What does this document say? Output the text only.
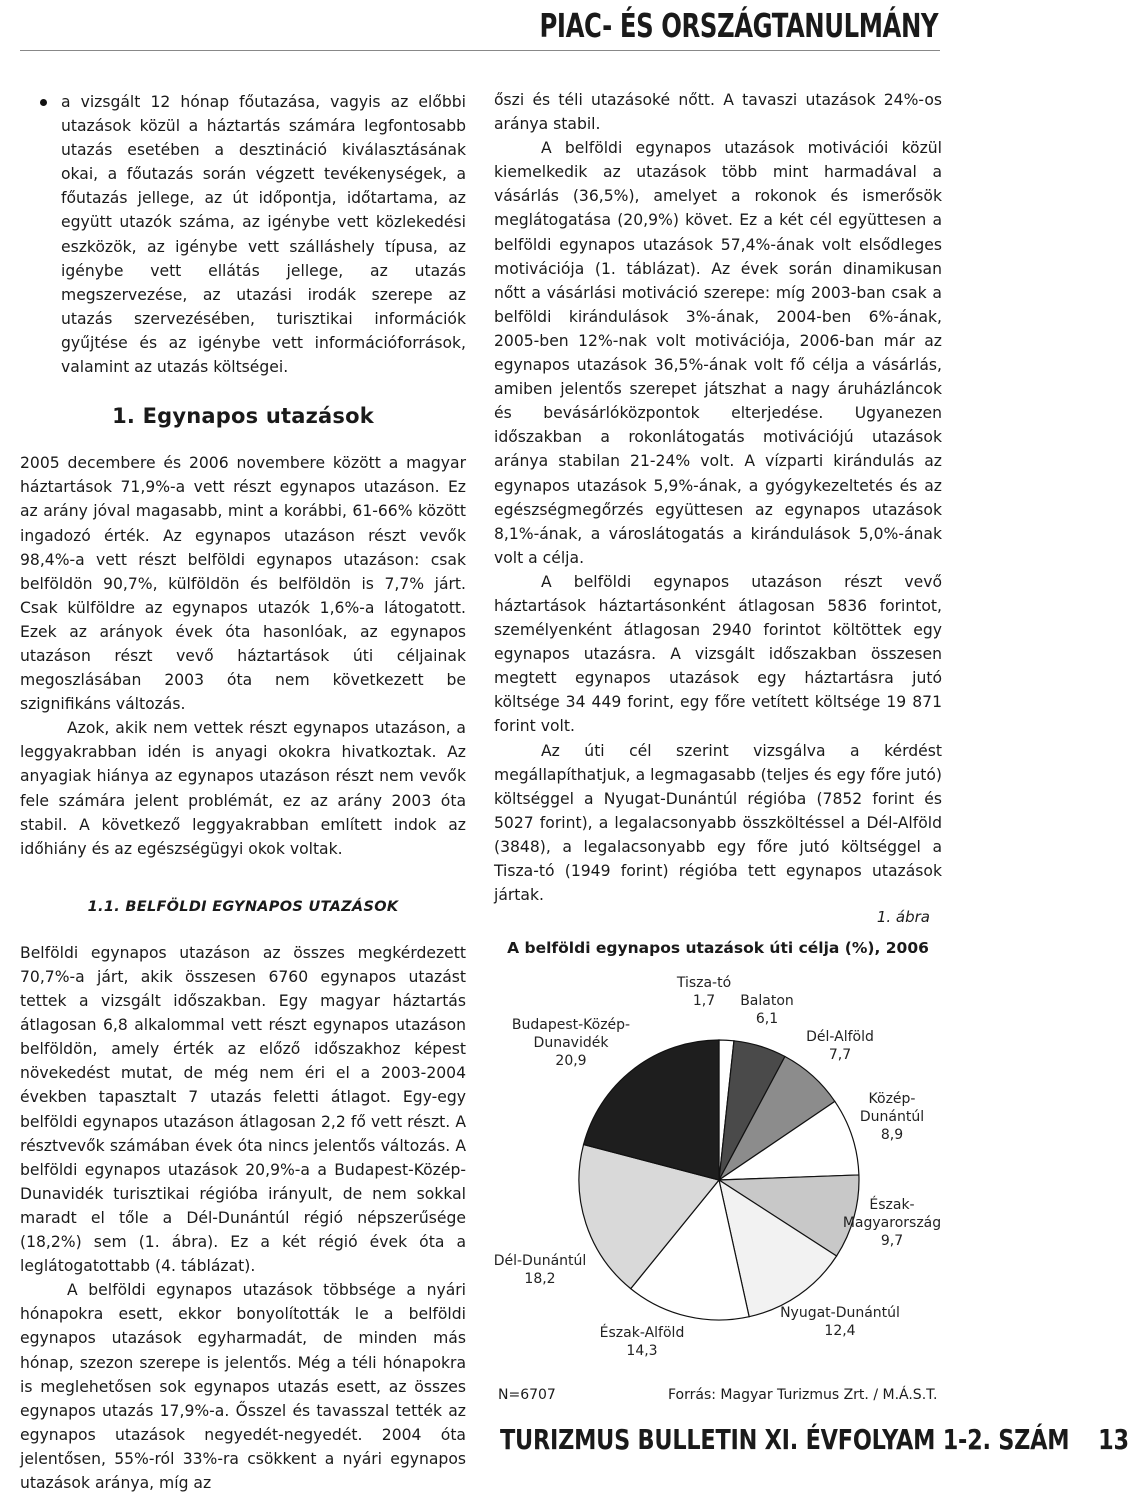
PIAC- ÉS ORSZÁGTANULMÁNY

a vizsgált 12 hónap főutazása, vagyis az előbbi utazások közül a háztartás számára legfontosabb utazás esetében a desztináció kiválasztásának okai, a főutazás során végzett tevékenységek, a főutazás jellege, az út időpontja, időtartama, az együtt utazók száma, az igénybe vett közlekedési eszközök, az igénybe vett szálláshely típusa, az igénybe vett ellátás jellege, az utazás megszervezése, az utazási irodák szerepe az utazás szervezésében, turisztikai információk gyűjtése és az igénybe vett információforrások, valamint az utazás költségei.

1. Egynapos utazások

2005 decembere és 2006 novembere között a magyar háztartások 71,9%-a vett részt egynapos utazáson. Ez az arány jóval magasabb, mint a korábbi, 61-66% között ingadozó érték. Az egynapos utazáson részt vevők 98,4%-a vett részt belföldi egynapos utazáson: csak belföldön 90,7%, külföldön és belföldön is 7,7% járt. Csak külföldre az egynapos utazók 1,6%-a látogatott. Ezek az arányok évek óta hasonlóak, az egynapos utazáson részt vevő háztartások úti céljainak megoszlásában 2003 óta nem következett be szignifikáns változás.

Azok, akik nem vettek részt egynapos utazáson, a leggyakrabban idén is anyagi okokra hivatkoztak. Az anyagiak hiánya az egynapos utazáson részt nem vevők fele számára jelent problémát, ez az arány 2003 óta stabil. A következő leggyakrabban említett indok az időhiány és az egészségügyi okok voltak.

1.1. BELFÖLDI EGYNAPOS UTAZÁSOK

Belföldi egynapos utazáson az összes megkérdezett 70,7%-a járt, akik összesen 6760 egynapos utazást tettek a vizsgált időszakban. Egy magyar háztartás átlagosan 6,8 alkalommal vett részt egynapos utazáson belföldön, amely érték az előző időszakhoz képest növekedést mutat, de még nem éri el a 2003-2004 években tapasztalt 7 utazás feletti átlagot. Egy-egy belföldi egynapos utazáson átlagosan 2,2 fő vett részt. A résztvevők számában évek óta nincs jelentős változás. A belföldi egynapos utazások 20,9%-a a Budapest-Közép-Dunavidék turisztikai régióba irányult, de nem sokkal maradt el tőle a Dél-Dunántúl régió népszerűsége (18,2%) sem (1. ábra). Ez a két régió évek óta a leglátogatottabb (4. táblázat).

A belföldi egynapos utazások többsége a nyári hónapokra esett, ekkor bonyolították le a belföldi egynapos utazások egyharmadát, de minden más hónap, szezon szerepe is jelentős. Még a téli hónapokra is meglehetősen sok egynapos utazás esett, az összes egynapos utazás 17,9%-a. Ősszel és tavasszal tették az egynapos utazások negyedét-negyedét. 2004 óta jelentősen, 55%-ról 33%-ra csökkent a nyári egynapos utazások aránya, míg az

őszi és téli utazásoké nőtt. A tavaszi utazások 24%-os aránya stabil.

A belföldi egynapos utazások motivációi közül kiemelkedik az utazások több mint harmadával a vásárlás (36,5%), amelyet a rokonok és ismerősök meglátogatása (20,9%) követ. Ez a két cél együttesen a belföldi egynapos utazások 57,4%-ának volt elsődleges motivációja (1. táblázat). Az évek során dinamikusan nőtt a vásárlási motiváció szerepe: míg 2003-ban csak a belföldi kirándulások 3%-ának, 2004-ben 6%-ának, 2005-ben 12%-nak volt motivációja, 2006-ban már az egynapos utazások 36,5%-ának volt fő célja a vásárlás, amiben jelentős szerepet játszhat a nagy áruházláncok és bevásárlóközpontok elterjedése. Ugyanezen időszakban a rokonlátogatás motivációjú utazások aránya stabilan 21-24% volt. A vízparti kirándulás az egynapos utazások 5,9%-ának, a gyógykezeltetés és az egészségmegőrzés együttesen az egynapos utazások 8,1%-ának, a városlátogatás a kirándulások 5,0%-ának volt a célja.

A belföldi egynapos utazáson részt vevő háztartások háztartásonként átlagosan 5836 forintot, személyenként átlagosan 2940 forintot költöttek egy egynapos utazásra. A vizsgált időszakban összesen megtett egynapos utazások egy háztartásra jutó költsége 34 449 forint, egy főre vetített költsége 19 871 forint volt.

Az úti cél szerint vizsgálva a kérdést megállapíthatjuk, a legmagasabb (teljes és egy főre jutó) költséggel a Nyugat-Dunántúl régióba (7852 forint és 5027 forint), a legalacsonyabb összköltéssel a Dél-Alföld (3848), a legalacsonyabb egy főre jutó költséggel a Tisza-tó (1949 forint) régióba tett egynapos utazások jártak.

1. ábra
A belföldi egynapos utazások úti célja (%), 2006
Tisza-tó
1,7	Balaton
6,1
Dél-Alföld
7,7
Közép-
Dunántúl
8,9
Észak-
Magyarország
9,7
Nyugat-Dunántúl
12,4
Észak-Alföld
14,3
Dél-Dunántúl
18,2
Budapest-Közép-
Dunavidék
20,9
N=6707	Forrás: Magyar Turizmus Zrt. / M.Á.S.T.
TURIZMUS BULLETIN XI. ÉVFOLYAM 1-2. SZÁM 13
